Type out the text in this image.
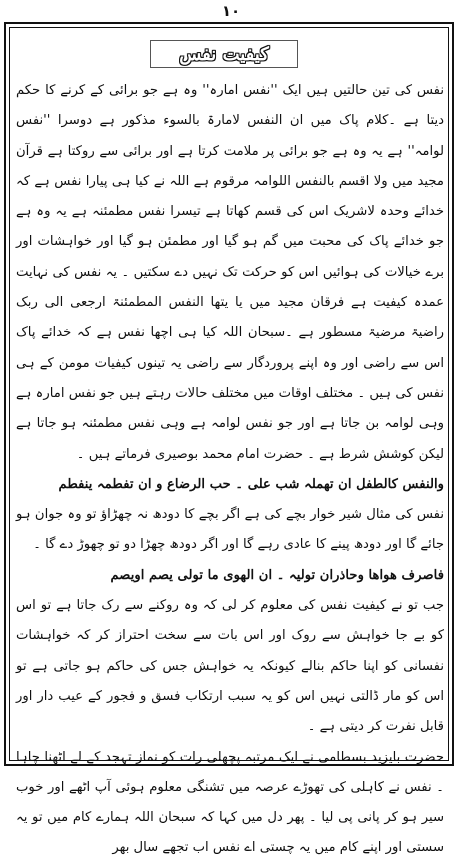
۱۰
کیفیت نفس

نفس کی تین حالتیں ہیں ایک ''نفس امارہ'' وہ ہے جو برائی کے کرنے کا حکم دیتا ہے ۔کلام پاک میں ان النفس لامارۃ بالسوء مذکور ہے دوسرا ''نفس لوامہ'' ہے یہ وہ ہے جو برائی پر ملامت کرتا ہے اور برائی سے روکتا ہے قرآن مجید میں ولا اقسم بالنفس اللوامہ مرقوم ہے اللہ نے کیا ہی پیارا نفس ہے کہ خدائے وحدہ لاشریک اس کی قسم کھاتا ہے تیسرا نفس مطمئنہ ہے یہ وہ ہے جو خدائے پاک کی محبت میں گم ہو گیا اور مطمئن ہو گیا اور خواہشات اور برے خیالات کی ہوائیں اس کو حرکت تک نہیں دے سکتیں ۔ یہ نفس کی نہایت عمدہ کیفیت ہے فرقان مجید میں یا یتھا النفس المطمئنۃ ارجعی الی ربک راضیۃ مرضیۃ مسطور ہے ۔سبحان اللہ کیا ہی اچھا نفس ہے کہ خدائے پاک اس سے راضی اور وہ اپنے پروردگار سے راضی یہ تینوں کیفیات مومن کے ہی نفس کی ہیں ۔ مختلف اوقات میں مختلف حالات رہتے ہیں جو نفس امارہ ہے وہی لوامہ بن جاتا ہے اور جو نفس لوامہ ہے وہی نفس مطمئنہ ہو جاتا ہے لیکن کوشش شرط ہے ۔ حضرت امام محمد بوصیری فرماتے ہیں ۔

والنفس کالطفل ان تھملہ شب علی ۔ حب الرضاع و ان تفطمہ ینفطم

نفس کی مثال شیر خوار بچے کی ہے اگر بچے کا دودھ نہ چھڑاؤ تو وہ جوان ہو جائے گا اور دودھ پینے کا عادی رہے گا اور اگر دودھ چھڑا دو تو چھوڑ دے گا ۔

فاصرف ھواھا وحاذران تولیہ ۔ ان الھوی ما تولی یصم اویصم

جب تو نے کیفیت نفس کی معلوم کر لی کہ وہ روکنے سے رک جاتا ہے تو اس کو بے جا خواہش سے روک اور اس بات سے سخت احتراز کر کہ خواہشات نفسانی کو اپنا حاکم بنالے کیونکہ یہ خواہش جس کی حاکم ہو جاتی ہے تو اس کو مار ڈالتی نہیں اس کو یہ سبب ارتکاب فسق و فجور کے عیب دار اور قابل نفرت کر دیتی ہے ۔

حضرت بایزید بسطامی نے ایک مرتبہ پچھلی رات کو نماز تہجد کے لے اٹھنا چاہا ۔ نفس نے کاہلی کی تھوڑے عرصہ میں تشنگی معلوم ہوئی آپ اٹھے اور خوب سیر ہو کر پانی پی لیا ۔ پھر دل میں کہا کہ سبحان اللہ ہمارے کام میں تو یہ سستی اور اپنے کام میں یہ چستی اے نفس اب تجھے سال بھر
